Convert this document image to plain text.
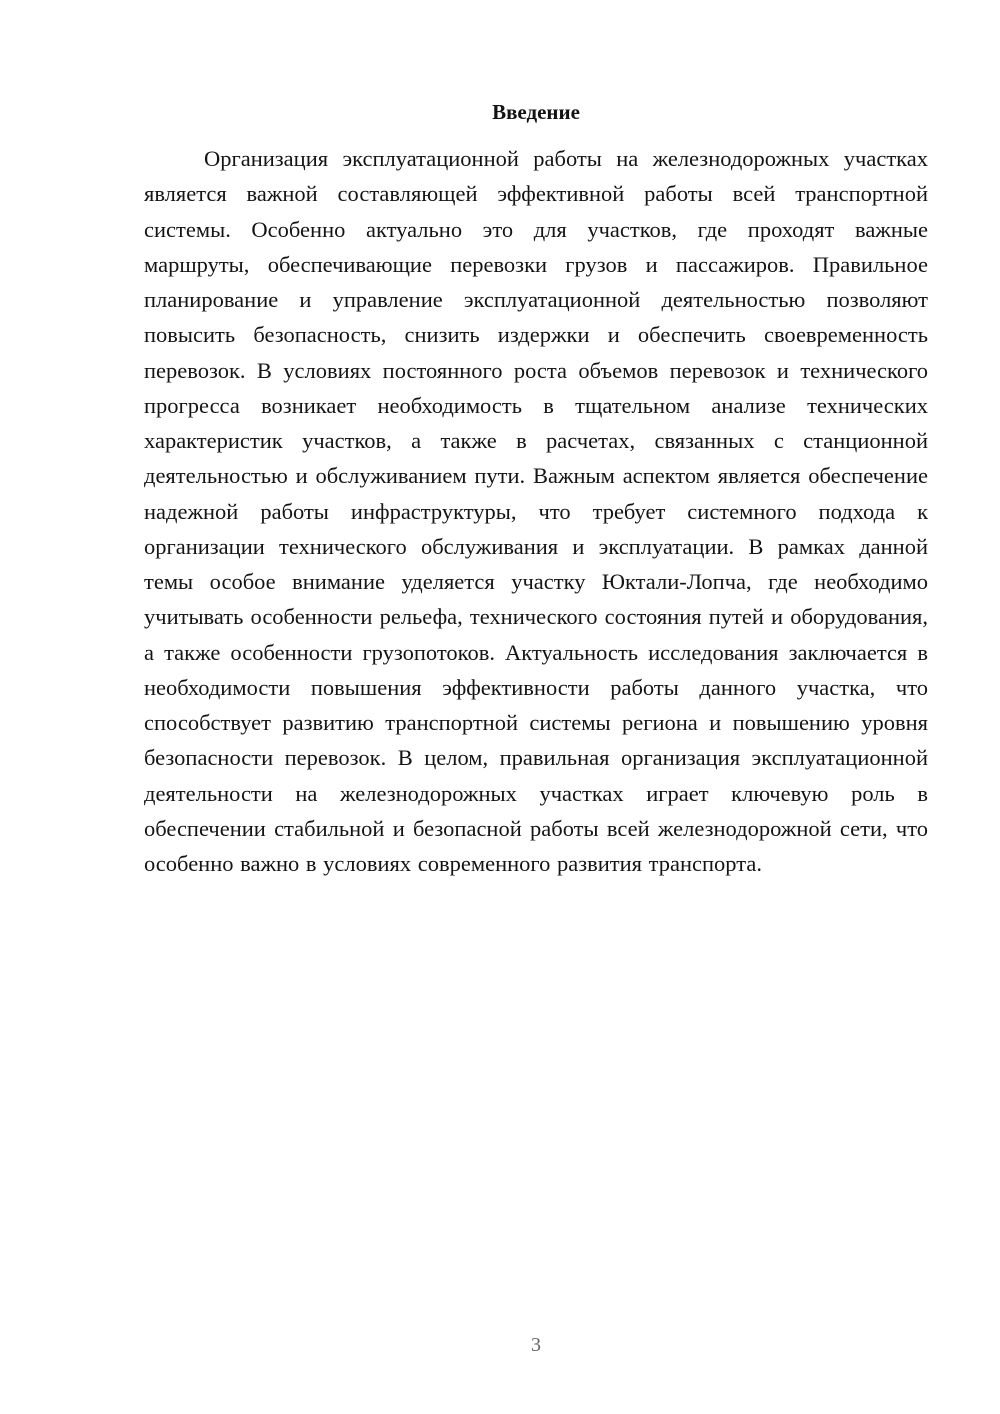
Введение

Организация эксплуатационной работы на железнодорожных участках является важной составляющей эффективной работы всей транспортной системы. Особенно актуально это для участков, где проходят важные маршруты, обеспечивающие перевозки грузов и пассажиров. Правильное планирование и управление эксплуатационной деятельностью позволяют повысить безопасность, снизить издержки и обеспечить своевременность перевозок. В условиях постоянного роста объемов перевозок и технического прогресса возникает необходимость в тщательном анализе технических характеристик участков, а также в расчетах, связанных с станционной деятельностью и обслуживанием пути. Важным аспектом является обеспечение надежной работы инфраструктуры, что требует системного подхода к организации технического обслуживания и эксплуатации. В рамках данной темы особое внимание уделяется участку Юктали-Лопча, где необходимо учитывать особенности рельефа, технического состояния путей и оборудования, а также особенности грузопотоков. Актуальность исследования заключается в необходимости повышения эффективности работы данного участка, что способствует развитию транспортной системы региона и повышению уровня безопасности перевозок. В целом, правильная организация эксплуатационной деятельности на железнодорожных участках играет ключевую роль в обеспечении стабильной и безопасной работы всей железнодорожной сети, что особенно важно в условиях современного развития транспорта.

3
